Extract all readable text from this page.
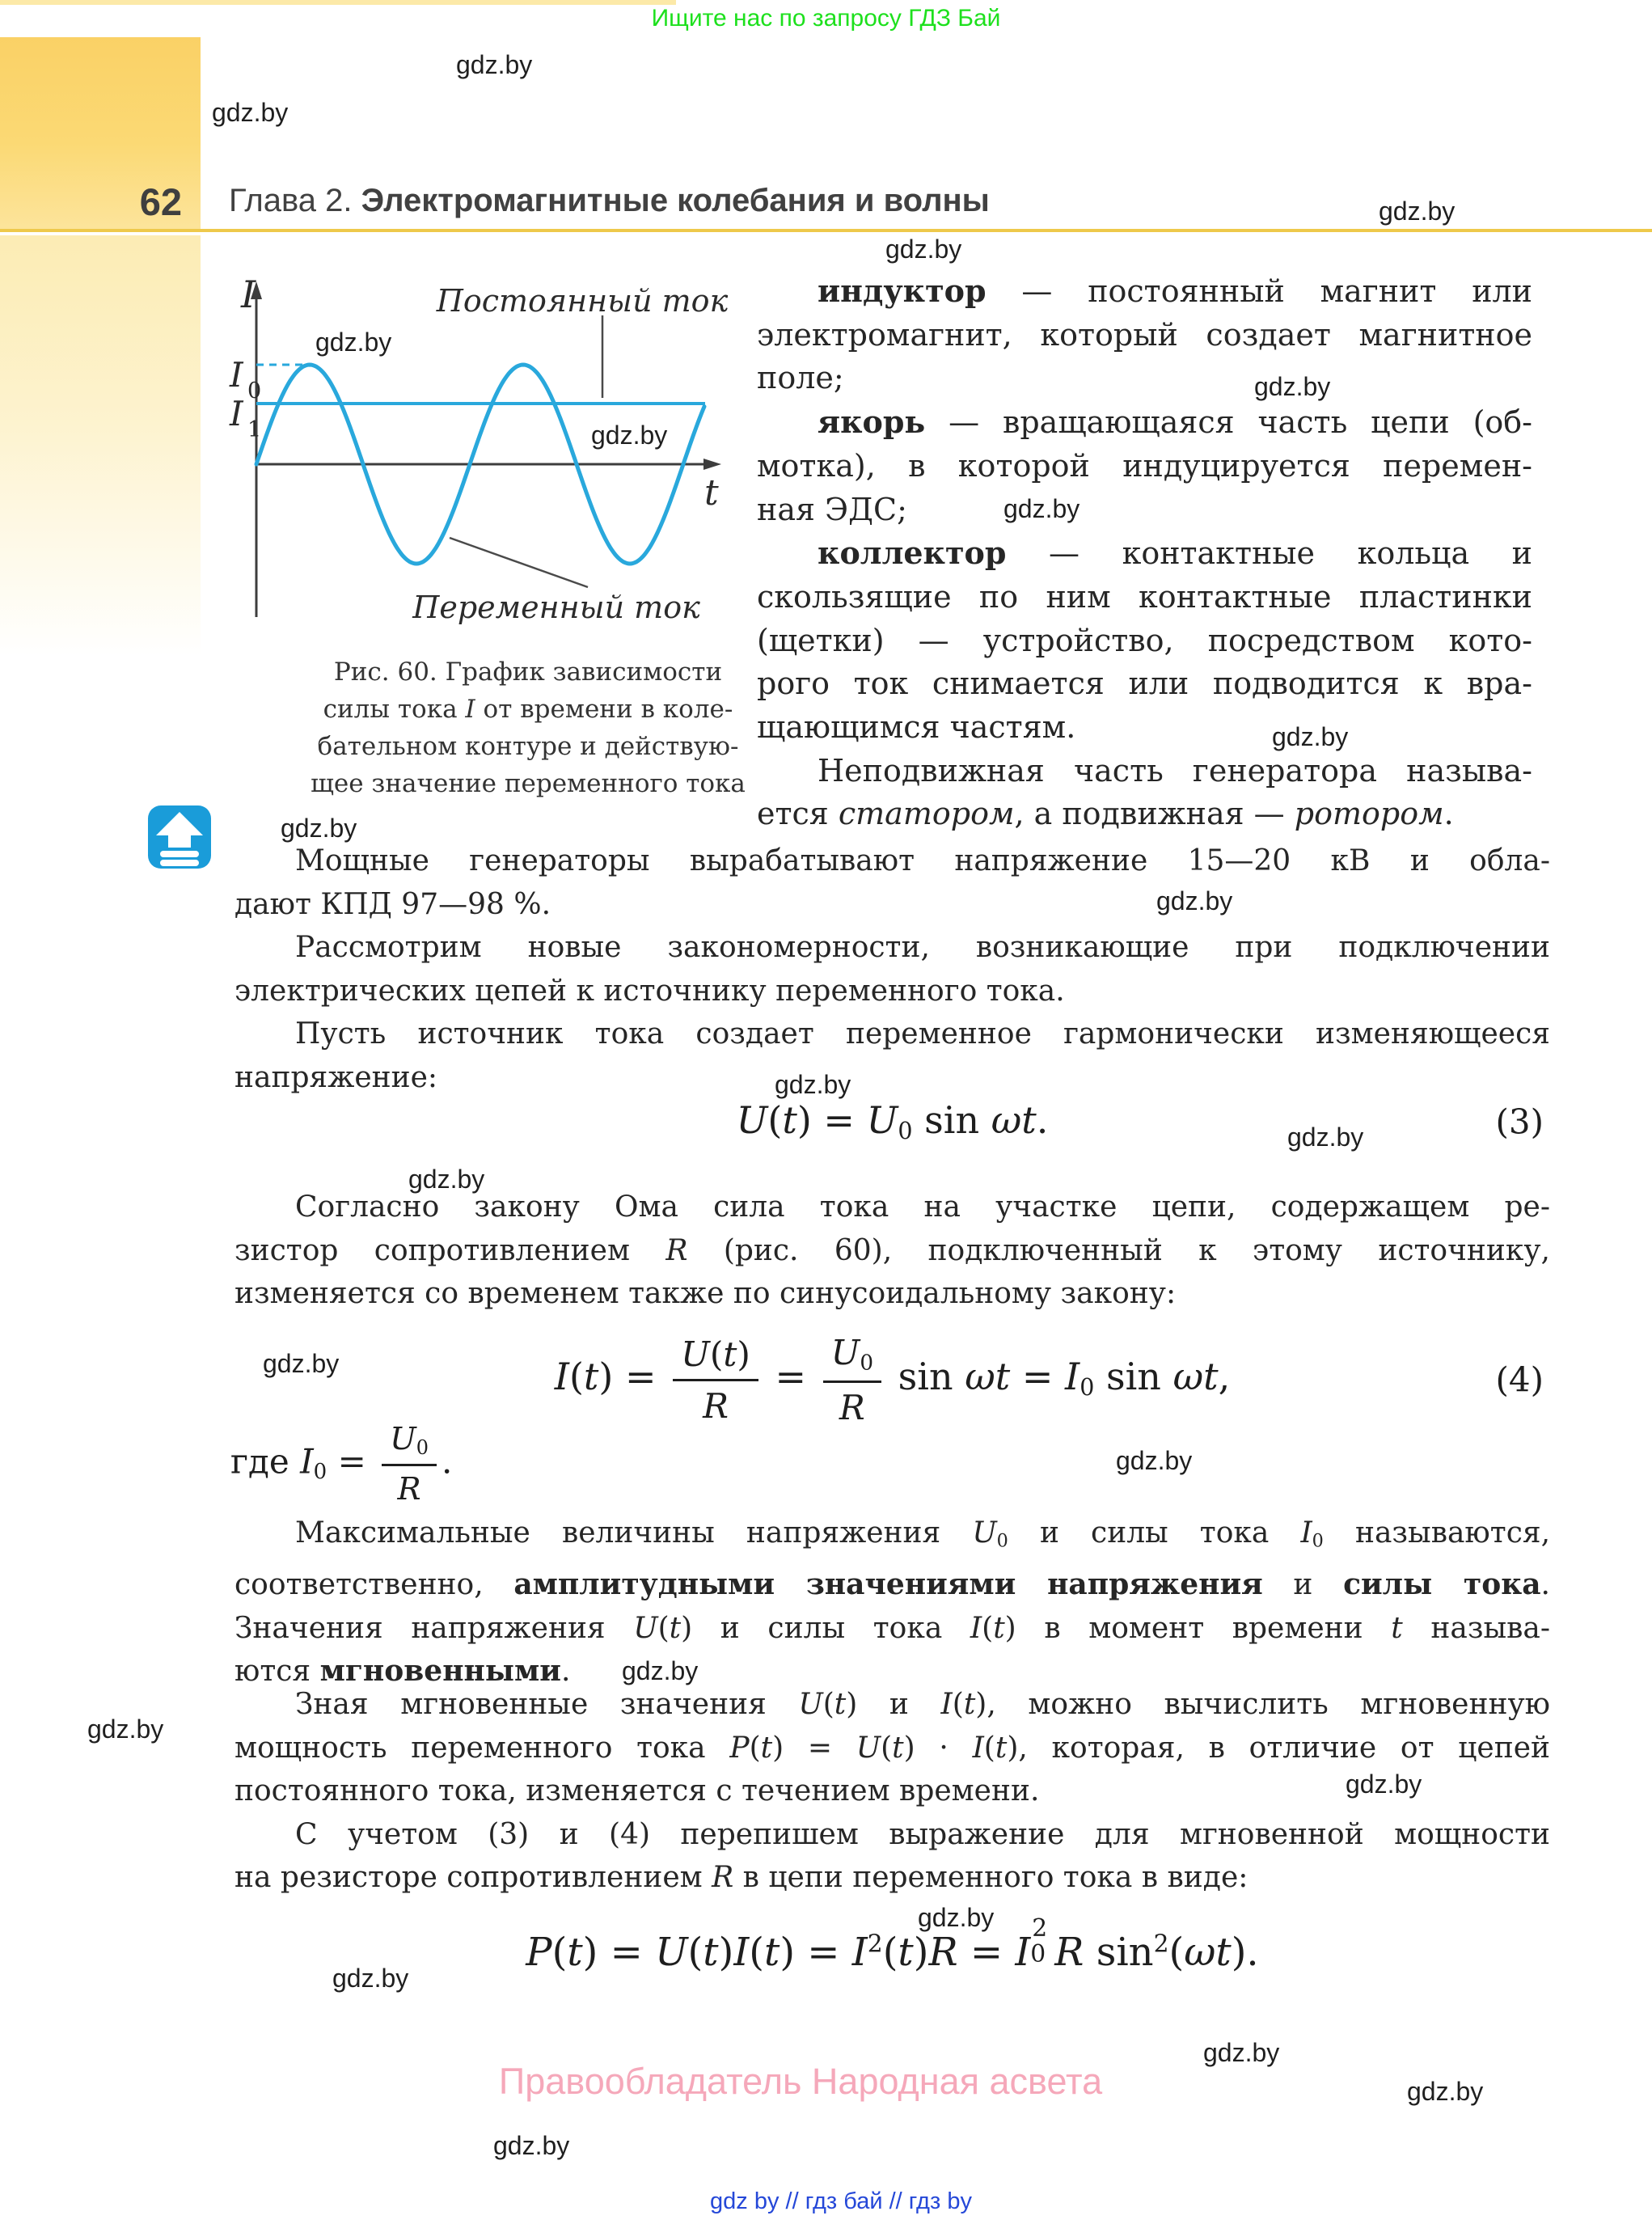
Ищите нас по запросу ГДЗ Бай
62 Глава 2. Электромагнитные колебания и волны
I
t
I 0
I 1
Постоянный ток
Переменный ток
Рис. 60. График зависимости
силы тока I от времени в коле-
бательном контуре и действую-
щее значение переменного тока
индуктор — постоянный магнит или
электромагнит, который создает магнитное
поле;
якорь — вращающаяся часть цепи (об-
мотка), в которой индуцируется перемен-
ная ЭДС;
коллектор — контактные кольца и
скользящие по ним контактные пластинки
(щетки) — устройство, посредством кото-
рого ток снимается или подводится к вра-
щающимся частям.
Неподвижная часть генератора называ-
ется статором, а подвижная — ротором.
Мощные генераторы вырабатывают напряжение 15—20 кВ и обла-
дают КПД 97—98 %.
Рассмотрим новые закономерности, возникающие при подключении
электрических цепей к источнику переменного тока.
Пусть источник тока создает переменное гармонически изменяющееся
напряжение:
U(t) = U0 sin ωt.	(3)
Согласно закону Ома сила тока на участке цепи, содержащем ре-
зистор сопротивлением R (рис. 60), подключенный к этому источнику,
изменяется со временем также по синусоидальному закону:
$I(t) = \frac{U(t)}{R} = \frac{U0}{R}$ sin ωt = I0 sin ωt,	(4)
где $I0 = \frac{U0}{R}$ .
Максимальные величины напряжения U0 и силы тока I0 называются,
соответственно, амплитудными значениями напряжения и силы тока.
Значения напряжения U(t) и силы тока I(t) в момент времени t называ-
ются мгновенными.
Зная мгновенные значения U(t) и I(t), можно вычислить мгновенную
мощность переменного тока P(t) = U(t) · I(t), которая, в отличие от цепей
постоянного тока, изменяется с течением времени.
С учетом (3) и (4) перепишем выражение для мгновенной мощности
на резисторе сопротивлением R в цепи переменного тока в виде:
$P(t) = U(t)I(t) = I^2(t)R = I$
2
0 R $\sin^2(\omega t)$.
Правообладатель Народная асвета
gdz by // гдз бай // гдз by
gdz.by
gdz.by
gdz.by
gdz.by
gdz.by
gdz.by
gdz.by
gdz.by
gdz.by
gdz.by
gdz.by
gdz.by
gdz.by
gdz.by
gdz.by
gdz.by
gdz.by
gdz.by
gdz.by
gdz.by
gdz.by
gdz.by
gdz.by
gdz.by
